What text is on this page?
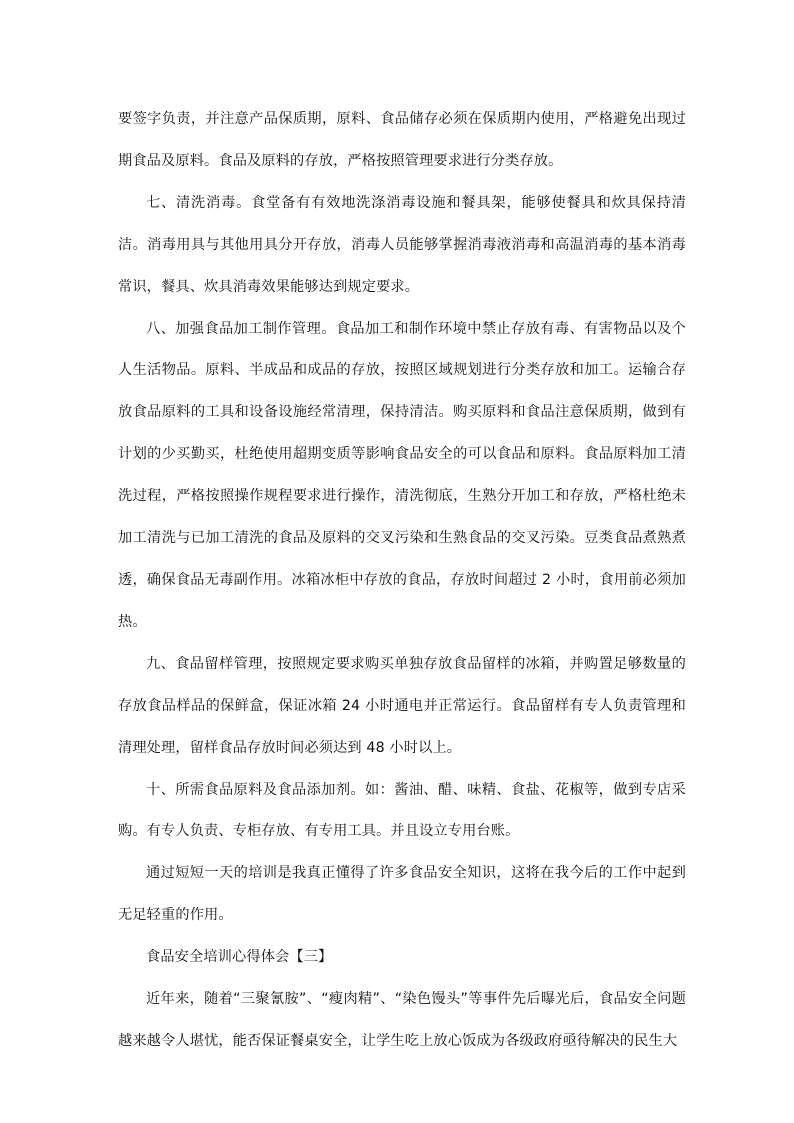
要签字负责，并注意产品保质期，原料、食品储存必须在保质期内使用，严格避免出现过期食品及原料。食品及原料的存放，严格按照管理要求进行分类存放。

七、清洗消毒。食堂备有有效地洗涤消毒设施和餐具架，能够使餐具和炊具保持清洁。消毒用具与其他用具分开存放，消毒人员能够掌握消毒液消毒和高温消毒的基本消毒常识，餐具、炊具消毒效果能够达到规定要求。

八、加强食品加工制作管理。食品加工和制作环境中禁止存放有毒、有害物品以及个人生活物品。原料、半成品和成品的存放，按照区域规划进行分类存放和加工。运输合存放食品原料的工具和设备设施经常清理，保持清洁。购买原料和食品注意保质期，做到有计划的少买勤买，杜绝使用超期变质等影响食品安全的可以食品和原料。食品原料加工清洗过程，严格按照操作规程要求进行操作，清洗彻底，生熟分开加工和存放，严格杜绝未加工清洗与已加工清洗的食品及原料的交叉污染和生熟食品的交叉污染。豆类食品煮熟煮透，确保食品无毒副作用。冰箱冰柜中存放的食品，存放时间超过 2 小时，食用前必须加热。

九、食品留样管理，按照规定要求购买单独存放食品留样的冰箱，并购置足够数量的存放食品样品的保鲜盒，保证冰箱 24 小时通电并正常运行。食品留样有专人负责管理和清理处理，留样食品存放时间必须达到 48 小时以上。

十、所需食品原料及食品添加剂。如：酱油、醋、味精、食盐、花椒等，做到专店采购。有专人负责、专柜存放、有专用工具。并且设立专用台账。

通过短短一天的培训是我真正懂得了许多食品安全知识，这将在我今后的工作中起到无足轻重的作用。

食品安全培训心得体会【三】

近年来，随着“三聚氰胺”、“瘦肉精”、“染色馒头”等事件先后曝光后，食品安全问题越来越令人堪忧，能否保证餐桌安全，让学生吃上放心饭成为各级政府亟待解决的民生大
